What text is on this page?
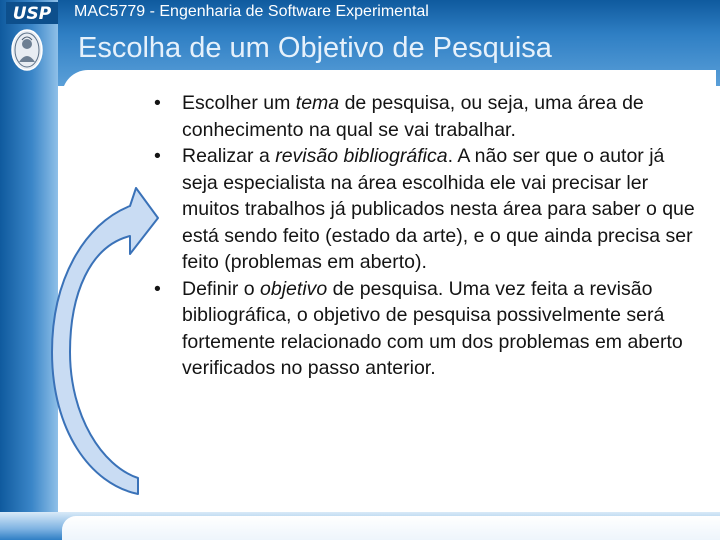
USP MAC5779 - Engenharia de Software Experimental
Escolha de um Objetivo de Pesquisa
• Escolher um tema de pesquisa, ou seja, uma área de conhecimento na qual se vai trabalhar.
• Realizar a revisão bibliográfica. A não ser que o autor já seja especialista na área escolhida ele vai precisar ler muitos trabalhos já publicados nesta área para saber o que está sendo feito (estado da arte), e o que ainda precisa ser feito (problemas em aberto).
• Definir o objetivo de pesquisa. Uma vez feita a revisão bibliográfica, o objetivo de pesquisa possivelmente será fortemente relacionado com um dos problemas em aberto verificados no passo anterior.
